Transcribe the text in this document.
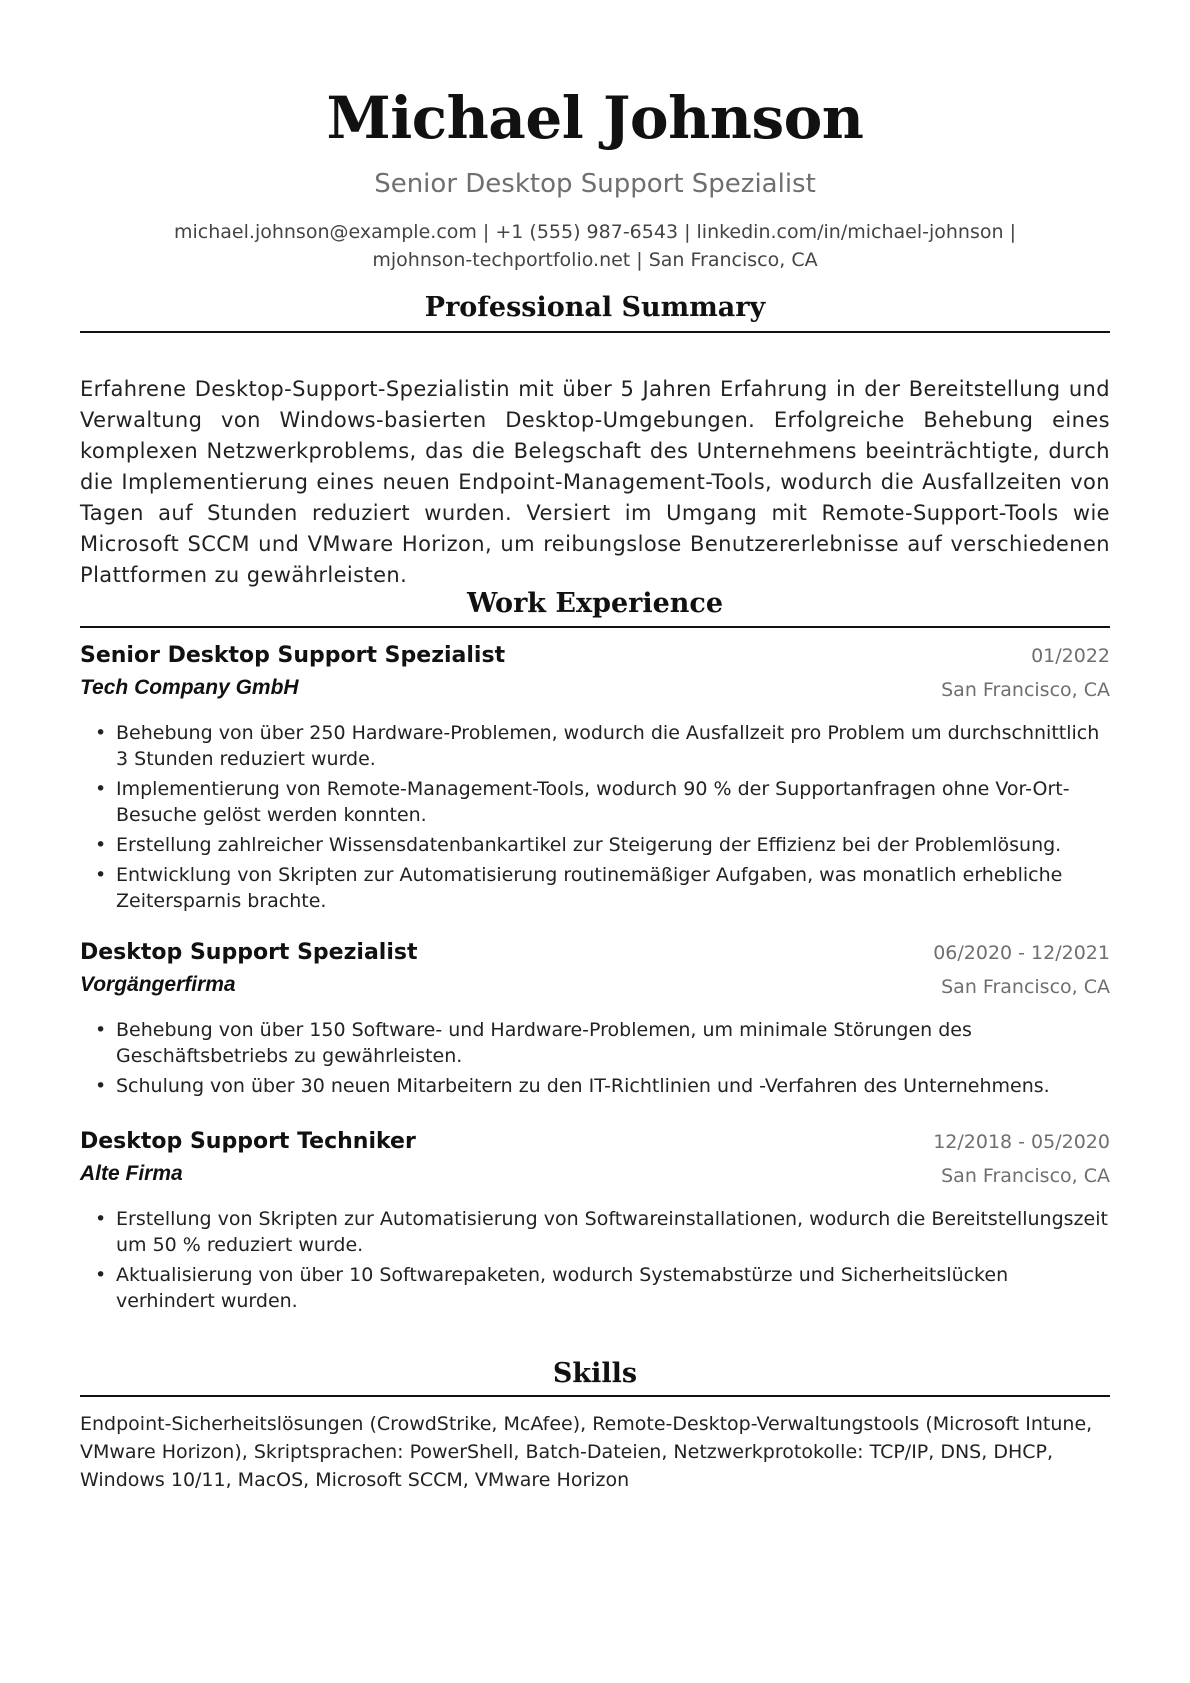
Michael Johnson
Senior Desktop Support Spezialist
michael.johnson@example.com | +1 (555) 987-6543 | linkedin.com/in/michael-johnson |
mjohnson-techportfolio.net | San Francisco, CA
Professional Summary

Erfahrene Desktop-Support-Spezialistin mit über 5 Jahren Erfahrung in der Bereitstellung und Verwaltung von Windows-basierten Desktop-Umgebungen. Erfolgreiche Behebung eines komplexen Netzwerkproblems, das die Belegschaft des Unternehmens beeinträchtigte, durch die Implementierung eines neuen Endpoint-Management-Tools, wodurch die Ausfallzeiten von Tagen auf Stunden reduziert wurden. Versiert im Umgang mit Remote-Support-Tools wie Microsoft SCCM und VMware Horizon, um reibungslose Benutzererlebnisse auf verschiedenen Plattformen zu gewährleisten.

Work Experience
Senior Desktop Support Spezialist	01/2022
Tech Company GmbH	San Francisco, CA
• Behebung von über 250 Hardware-Problemen, wodurch die Ausfallzeit pro Problem um durchschnittlich 3 Stunden reduziert wurde.
• Implementierung von Remote-Management-Tools, wodurch 90 % der Supportanfragen ohne Vor-Ort-Besuche gelöst werden konnten.
• Erstellung zahlreicher Wissensdatenbankartikel zur Steigerung der Effizienz bei der Problemlösung.
• Entwicklung von Skripten zur Automatisierung routinemäßiger Aufgaben, was monatlich erhebliche Zeitersparnis brachte.
Desktop Support Spezialist	06/2020 - 12/2021
Vorgängerfirma	San Francisco, CA
• Behebung von über 150 Software- und Hardware-Problemen, um minimale Störungen des Geschäftsbetriebs zu gewährleisten.
• Schulung von über 30 neuen Mitarbeitern zu den IT-Richtlinien und -Verfahren des Unternehmens.
Desktop Support Techniker	12/2018 - 05/2020
Alte Firma	San Francisco, CA
• Erstellung von Skripten zur Automatisierung von Softwareinstallationen, wodurch die Bereitstellungszeit um 50 % reduziert wurde.
• Aktualisierung von über 10 Softwarepaketen, wodurch Systemabstürze und Sicherheitslücken verhindert wurden.
Skills

Endpoint-Sicherheitslösungen (CrowdStrike, McAfee), Remote-Desktop-Verwaltungstools (Microsoft Intune, VMware Horizon), Skriptsprachen: PowerShell, Batch-Dateien, Netzwerkprotokolle: TCP/IP, DNS, DHCP, Windows 10/11, MacOS, Microsoft SCCM, VMware Horizon
